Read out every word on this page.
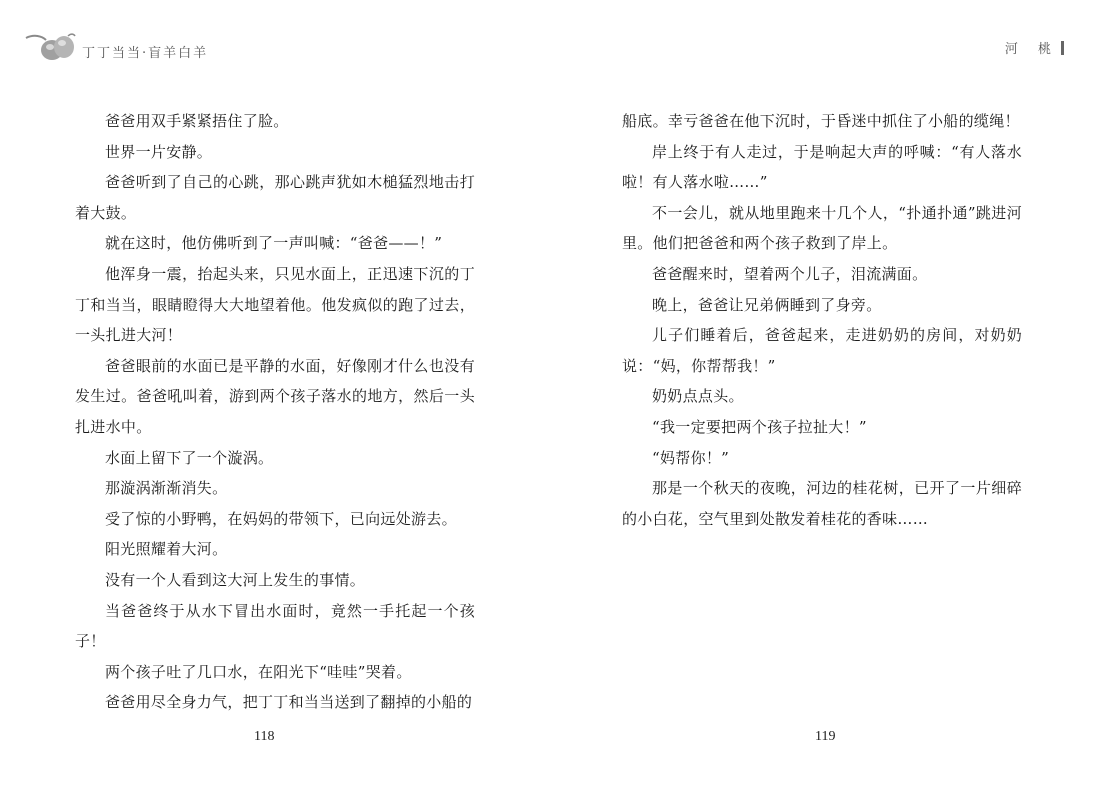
丁丁当当·盲羊白羊	河 桃

爸爸用双手紧紧捂住了脸。

世界一片安静。

爸爸听到了自己的心跳，那心跳声犹如木槌猛烈地击打着大鼓。

就在这时，他仿佛听到了一声叫喊：“爸爸——！”

他浑身一震，抬起头来，只见水面上，正迅速下沉的丁丁和当当，眼睛瞪得大大地望着他。他发疯似的跑了过去，一头扎进大河！

爸爸眼前的水面已是平静的水面，好像刚才什么也没有发生过。爸爸吼叫着，游到两个孩子落水的地方，然后一头扎进水中。

水面上留下了一个漩涡。

那漩涡渐渐消失。

受了惊的小野鸭，在妈妈的带领下，已向远处游去。

阳光照耀着大河。

没有一个人看到这大河上发生的事情。

当爸爸终于从水下冒出水面时，竟然一手托起一个孩子！

两个孩子吐了几口水，在阳光下“哇哇”哭着。

爸爸用尽全身力气，把丁丁和当当送到了翻掉的小船的

船底。幸亏爸爸在他下沉时，于昏迷中抓住了小船的缆绳！

岸上终于有人走过，于是响起大声的呼喊：“有人落水啦！有人落水啦……”

不一会儿，就从地里跑来十几个人，“扑通扑通”跳进河里。他们把爸爸和两个孩子救到了岸上。

爸爸醒来时，望着两个儿子，泪流满面。

晚上，爸爸让兄弟俩睡到了身旁。

儿子们睡着后，爸爸起来，走进奶奶的房间，对奶奶说：“妈，你帮帮我！”

奶奶点点头。

“我一定要把两个孩子拉扯大！”

“妈帮你！”

那是一个秋天的夜晚，河边的桂花树，已开了一片细碎的小白花，空气里到处散发着桂花的香味……

118	119
